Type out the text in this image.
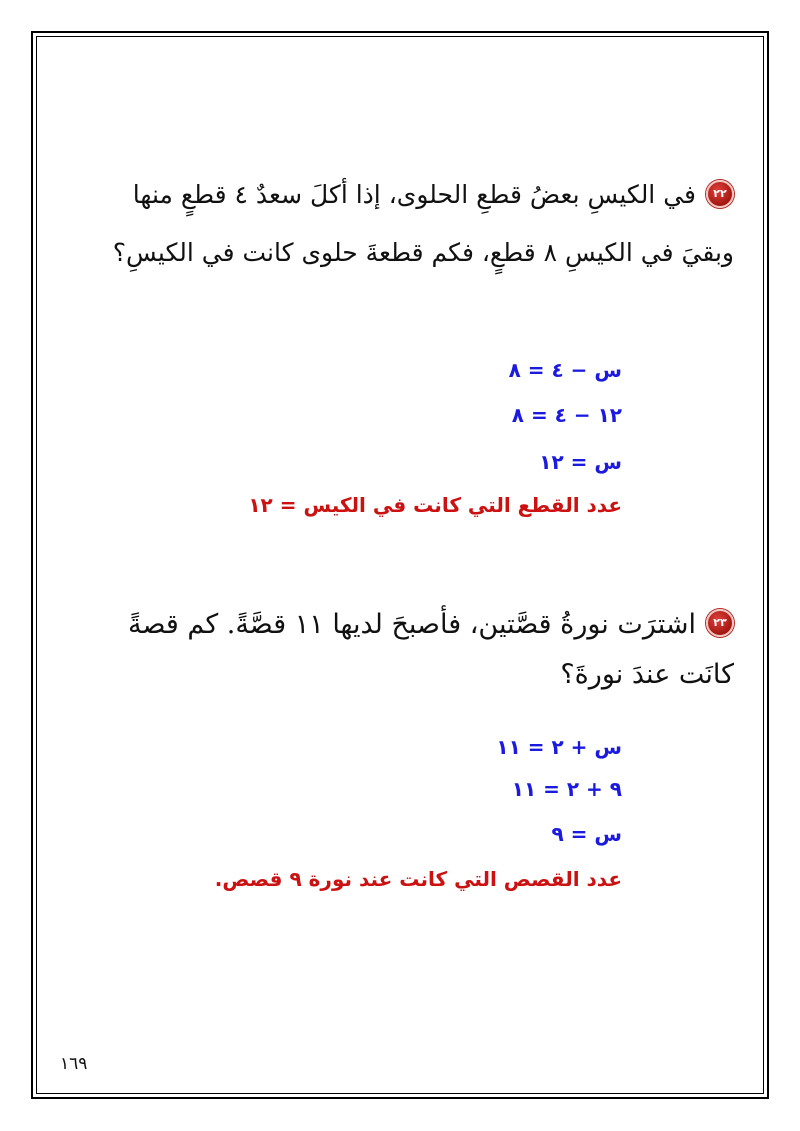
٢٢في الكيسِ بعضُ قطعِ الحلوى، إذا أكلَ سعدٌ ٤ قطعٍ منها وبقيَ في الكيسِ ٨ قطعٍ، فكم قطعةَ حلوى كانت في الكيسِ؟
س − ٤ = ٨
١٢ − ٤ = ٨
س = ١٢
عدد القطع التي كانت في الكيس = ١٢
٢٣اشترَت نورةُ قصَّتين، فأصبحَ لديها ١١ قصَّةً. كم قصةً كانَت عندَ نورةَ؟
س + ٢ = ١١
٩ + ٢ = ١١
س = ٩
عدد القصص التي كانت عند نورة ٩ قصص.
١٦٩
